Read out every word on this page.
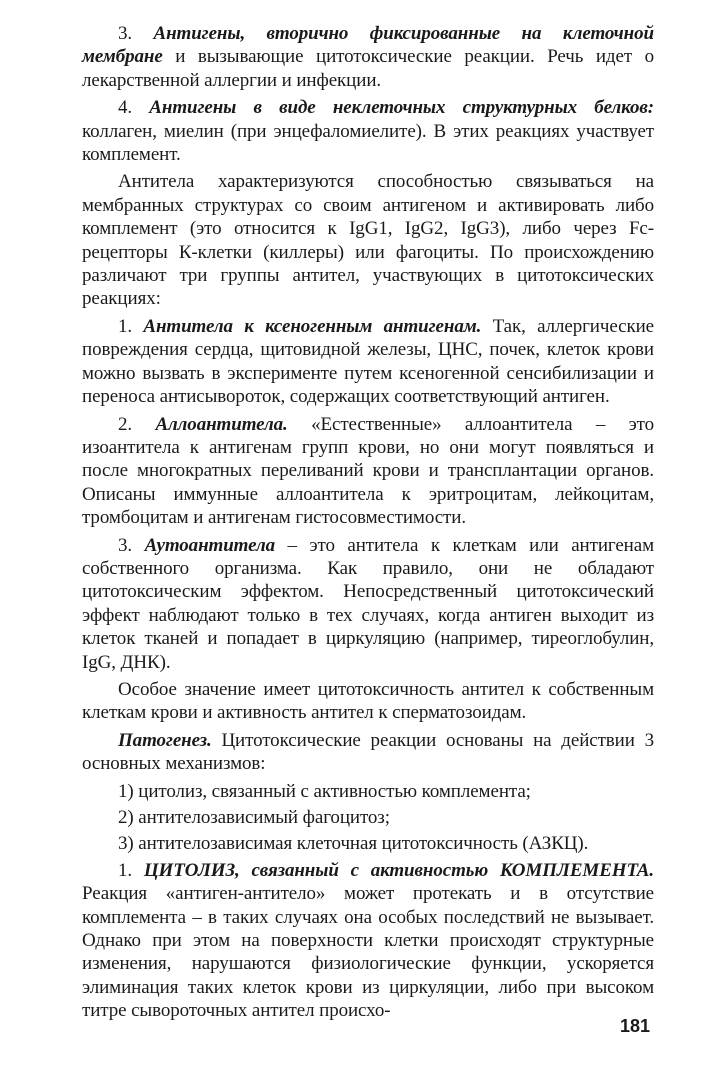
3. Антигены, вторично фиксированные на клеточной мембране и вызывающие цитотоксические реакции. Речь идет о лекарственной аллергии и инфекции.

4. Антигены в виде неклеточных структурных белков: коллаген, миелин (при энцефаломиелите). В этих реакциях участвует комплемент.

Антитела характеризуются способностью связываться на мембранных структурах со своим антигеном и активировать либо комплемент (это относится к IgG1, IgG2, IgG3), либо через Fc-рецепторы К-клетки (киллеры) или фагоциты. По происхождению различают три группы антител, участвующих в цитотоксических реакциях:

1. Антитела к ксеногенным антигенам. Так, аллергические повреждения сердца, щитовидной железы, ЦНС, почек, клеток крови можно вызвать в эксперименте путем ксеногенной сенсибилизации и переноса антисывороток, содержащих соответствующий антиген.

2. Аллоантитела. «Естественные» аллоантитела – это изоантитела к антигенам групп крови, но они могут появляться и после многократных переливаний крови и трансплантации органов. Описаны иммунные аллоантитела к эритроцитам, лейкоцитам, тромбоцитам и антигенам гистосовместимости.

3. Аутоантитела – это антитела к клеткам или антигенам собственного организма. Как правило, они не обладают цитотоксическим эффектом. Непосредственный цитотоксический эффект наблюдают только в тех случаях, когда антиген выходит из клеток тканей и попадает в циркуляцию (например, тиреоглобулин, IgG, ДНК).

Особое значение имеет цитотоксичность антител к собственным клеткам крови и активность антител к сперматозоидам.

Патогенез. Цитотоксические реакции основаны на действии 3 основных механизмов:

1) цитолиз, связанный с активностью комплемента;

2) антителозависимый фагоцитоз;

3) антителозависимая клеточная цитотоксичность (АЗКЦ).

1. ЦИТОЛИЗ, связанный с активностью КОМПЛЕМЕНТА. Реакция «антиген-антитело» может протекать и в отсутствие комплемента – в таких случаях она особых последствий не вызывает. Однако при этом на поверхности клетки происходят структурные изменения, нарушаются физиологические функции, ускоряется элиминация таких клеток крови из циркуляции, либо при высоком титре сывороточных антител происхо-

181
